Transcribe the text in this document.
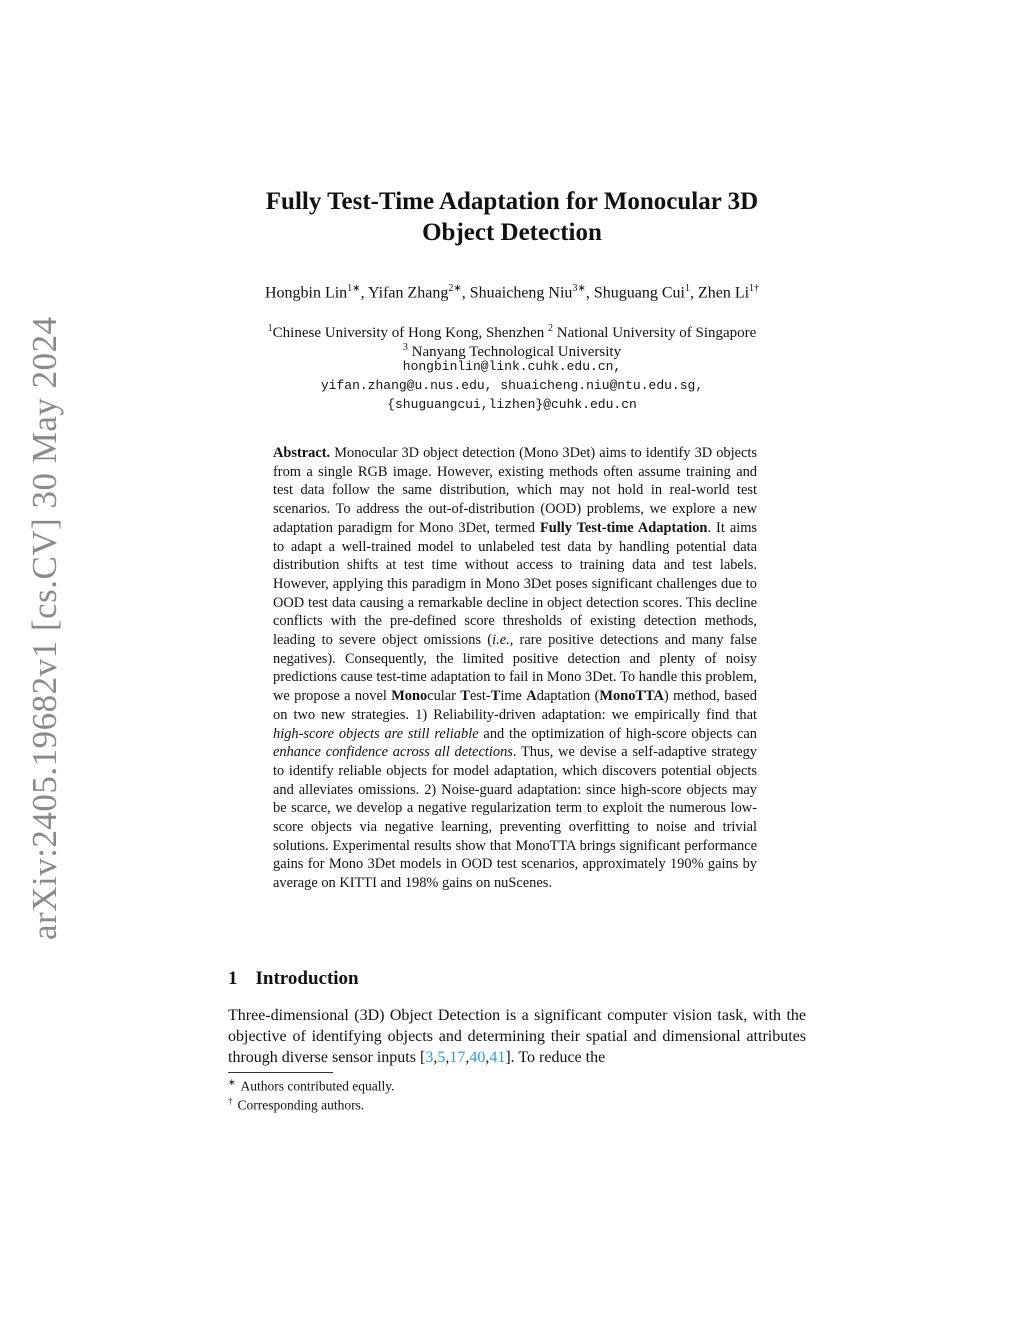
arXiv:2405.19682v1 [cs.CV] 30 May 2024
Fully Test-Time Adaptation for Monocular 3D
Object Detection
Hongbin Lin$^{1∗}$, Yifan Zhang$^{2∗}$, Shuaicheng Niu$^{3∗}$, Shuguang Cui$^1$, Zhen $Li^{1\dagger}$
$^1$Chinese University of Hong Kong, Shenzhen $^2$ National University of Singapore
$^3$ Nanyang Technological University
hongbinlin@link.cuhk.edu.cn,
yifan.zhang@u.nus.edu, shuaicheng.niu@ntu.edu.sg,
{shuguangcui,lizhen}@cuhk.edu.cn
Abstract. Monocular 3D object detection (Mono 3Det) aims to identify 3D objects from a single RGB image. However, existing methods often assume training and test data follow the same distribution, which may not hold in real-world test scenarios. To address the out-of-distribution (OOD) problems, we explore a new adaptation paradigm for Mono 3Det, termed Fully Test-time Adaptation. It aims to adapt a well-trained model to unlabeled test data by handling potential data distribution shifts at test time without access to training data and test labels. However, applying this paradigm in Mono 3Det poses significant challenges due to OOD test data causing a remarkable decline in object detection scores. This decline conflicts with the pre-defined score thresholds of existing detection methods, leading to severe object omissions (i.e., rare positive detections and many false negatives). Consequently, the limited positive detection and plenty of noisy predictions cause test-time adaptation to fail in Mono 3Det. To handle this problem, we propose a novel Monocular Test-Time Adaptation (MonoTTA) method, based on two new strategies. 1) Reliability-driven adaptation: we empirically find that high-score objects are still reliable and the optimization of high-score objects can enhance confidence across all detections. Thus, we devise a self-adaptive strategy to identify reliable objects for model adaptation, which discovers potential objects and alleviates omissions. 2) Noise-guard adaptation: since high-score objects may be scarce, we develop a negative regularization term to exploit the numerous low-score objects via negative learning, preventing overfitting to noise and trivial solutions. Experimental results show that MonoTTA brings significant performance gains for Mono 3Det models in OOD test scenarios, approximately 190% gains by average on KITTI and 198% gains on nuScenes.
1 Introduction
Three-dimensional (3D) Object Detection is a significant computer vision task, with the objective of identifying objects and determining their spatial and dimensional attributes through diverse sensor inputs [3,5,17,40,41]. To reduce the
∗ Authors contributed equally.
† Corresponding authors.
